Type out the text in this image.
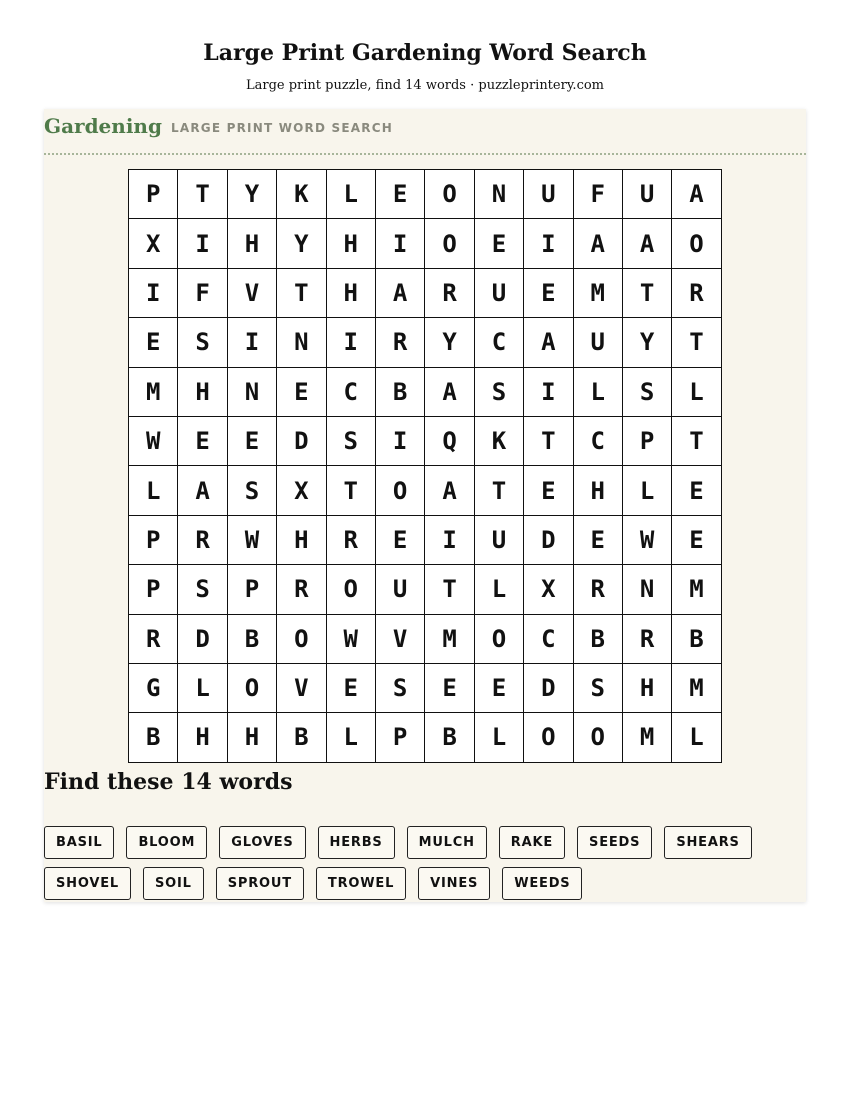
Large Print Gardening Word Search
Large print puzzle, find 14 words · puzzleprintery.com
Gardening LARGE PRINT WORD SEARCH
P	T	Y	K	L	E	O	N	U	F	U	A
X	I	H	Y	H	I	O	E	I	A	A	O
I	F	V	T	H	A	R	U	E	M	T	R
E	S	I	N	I	R	Y	C	A	U	Y	T
M	H	N	E	C	B	A	S	I	L	S	L
W	E	E	D	S	I	Q	K	T	C	P	T
L	A	S	X	T	O	A	T	E	H	L	E
P	R	W	H	R	E	I	U	D	E	W	E
P	S	P	R	O	U	T	L	X	R	N	M
R	D	B	O	W	V	M	O	C	B	R	B
G	L	O	V	E	S	E	E	D	S	H	M
B	H	H	B	L	P	B	L	O	O	M	L
Find these 14 words
BASIL	BLOOM	GLOVES	HERBS	MULCH	RAKE	SEEDS	SHEARS
SHOVEL	SOIL	SPROUT	TROWEL	VINES	WEEDS
